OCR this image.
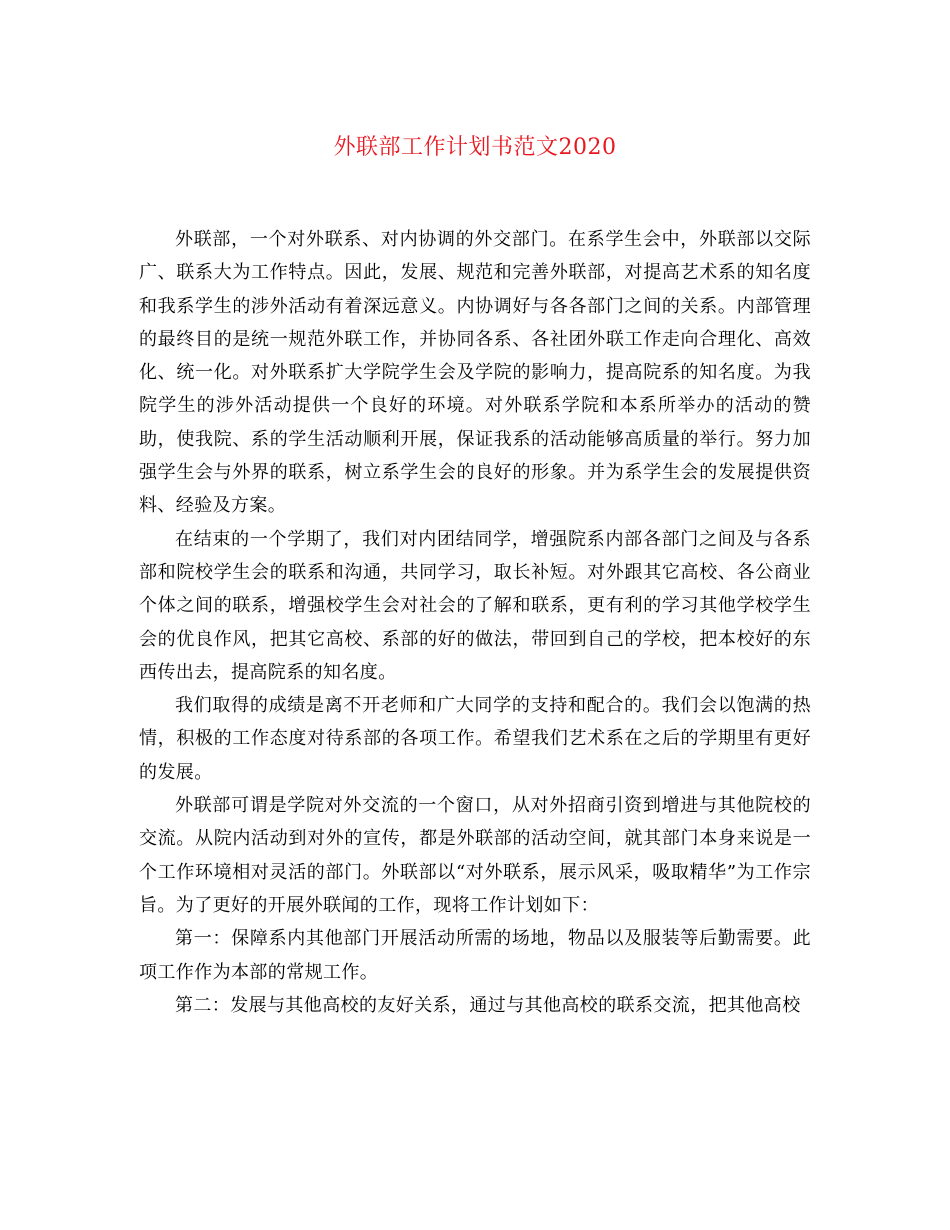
外联部工作计划书范文2020

外联部，一个对外联系、对内协调的外交部门。在系学生会中，外联部以交际广、联系大为工作特点。因此，发展、规范和完善外联部，对提高艺术系的知名度和我系学生的涉外活动有着深远意义。内协调好与各各部门之间的关系。内部管理的最终目的是统一规范外联工作，并协同各系、各社团外联工作走向合理化、高效化、统一化。对外联系扩大学院学生会及学院的影响力，提高院系的知名度。为我院学生的涉外活动提供一个良好的环境。对外联系学院和本系所举办的活动的赞助，使我院、系的学生活动顺利开展，保证我系的活动能够高质量的举行。努力加强学生会与外界的联系，树立系学生会的良好的形象。并为系学生会的发展提供资料、经验及方案。

在结束的一个学期了，我们对内团结同学，增强院系内部各部门之间及与各系部和院校学生会的联系和沟通，共同学习，取长补短。对外跟其它高校、各公商业个体之间的联系，增强校学生会对社会的了解和联系，更有利的学习其他学校学生会的优良作风，把其它高校、系部的好的做法，带回到自己的学校，把本校好的东西传出去，提高院系的知名度。

我们取得的成绩是离不开老师和广大同学的支持和配合的。我们会以饱满的热情，积极的工作态度对待系部的各项工作。希望我们艺术系在之后的学期里有更好的发展。

外联部可谓是学院对外交流的一个窗口，从对外招商引资到增进与其他院校的交流。从院内活动到对外的宣传，都是外联部的活动空间，就其部门本身来说是一个工作环境相对灵活的部门。外联部以“对外联系，展示风采，吸取精华”为工作宗旨。为了更好的开展外联闻的工作，现将工作计划如下：

第一：保障系内其他部门开展活动所需的场地，物品以及服装等后勤需要。此项工作作为本部的常规工作。

第二：发展与其他高校的友好关系，通过与其他高校的联系交流，把其他高校
